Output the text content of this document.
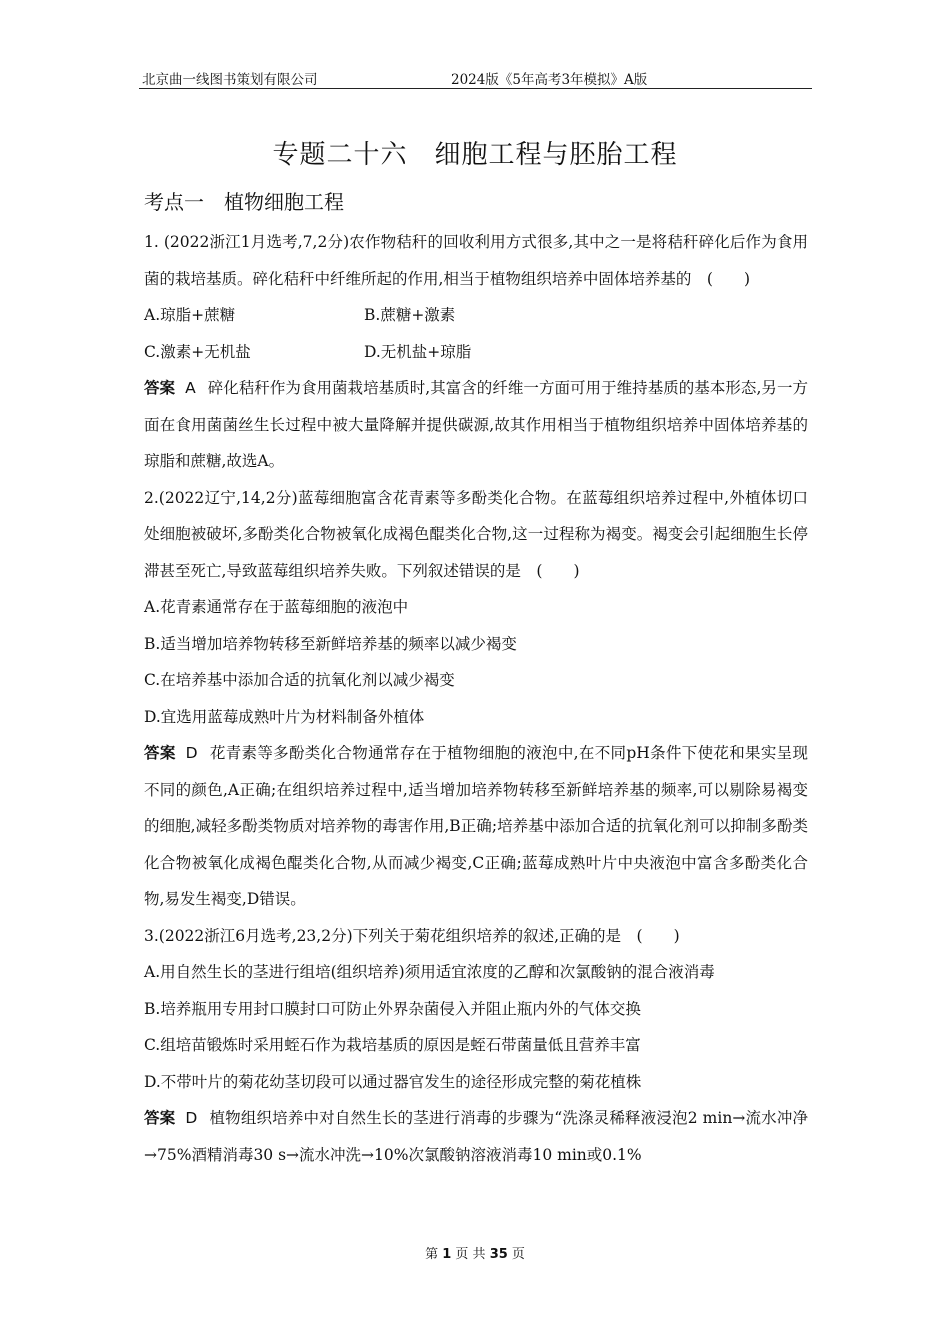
北京曲一线图书策划有限公司	2024版《5年高考3年模拟》A版
专题二十六　细胞工程与胚胎工程
考点一　植物细胞工程

1. (2022浙江1月选考,7,2分)农作物秸秆的回收利用方式很多,其中之一是将秸秆碎化后作为食用菌的栽培基质。碎化秸秆中纤维所起的作用,相当于植物组织培养中固体培养基的　(　　)

A.琼脂+蔗糖	B.蔗糖+激素
C.激素+无机盐	D.无机盐+琼脂

答案 A 碎化秸秆作为食用菌栽培基质时,其富含的纤维一方面可用于维持基质的基本形态,另一方面在食用菌菌丝生长过程中被大量降解并提供碳源,故其作用相当于植物组织培养中固体培养基的琼脂和蔗糖,故选A。

2.(2022辽宁,14,2分)蓝莓细胞富含花青素等多酚类化合物。在蓝莓组织培养过程中,外植体切口处细胞被破坏,多酚类化合物被氧化成褐色醌类化合物,这一过程称为褐变。褐变会引起细胞生长停滞甚至死亡,导致蓝莓组织培养失败。下列叙述错误的是　(　　)

A.花青素通常存在于蓝莓细胞的液泡中

B.适当增加培养物转移至新鲜培养基的频率以减少褐变

C.在培养基中添加合适的抗氧化剂以减少褐变

D.宜选用蓝莓成熟叶片为材料制备外植体

答案 D 花青素等多酚类化合物通常存在于植物细胞的液泡中,在不同pH条件下使花和果实呈现不同的颜色,A正确;在组织培养过程中,适当增加培养物转移至新鲜培养基的频率,可以剔除易褐变的细胞,减轻多酚类物质对培养物的毒害作用,B正确;培养基中添加合适的抗氧化剂可以抑制多酚类化合物被氧化成褐色醌类化合物,从而减少褐变,C正确;蓝莓成熟叶片中央液泡中富含多酚类化合物,易发生褐变,D错误。

3.(2022浙江6月选考,23,2分)下列关于菊花组织培养的叙述,正确的是　(　　)

A.用自然生长的茎进行组培(组织培养)须用适宜浓度的乙醇和次氯酸钠的混合液消毒

B.培养瓶用专用封口膜封口可防止外界杂菌侵入并阻止瓶内外的气体交换

C.组培苗锻炼时采用蛭石作为栽培基质的原因是蛭石带菌量低且营养丰富

D.不带叶片的菊花幼茎切段可以通过器官发生的途径形成完整的菊花植株

答案 D 植物组织培养中对自然生长的茎进行消毒的步骤为“洗涤灵稀释液浸泡2 min→流水冲净→75%酒精消毒30 s→流水冲洗→10%次氯酸钠溶液消毒10 min或0.1%

第 1 页 共 35 页
